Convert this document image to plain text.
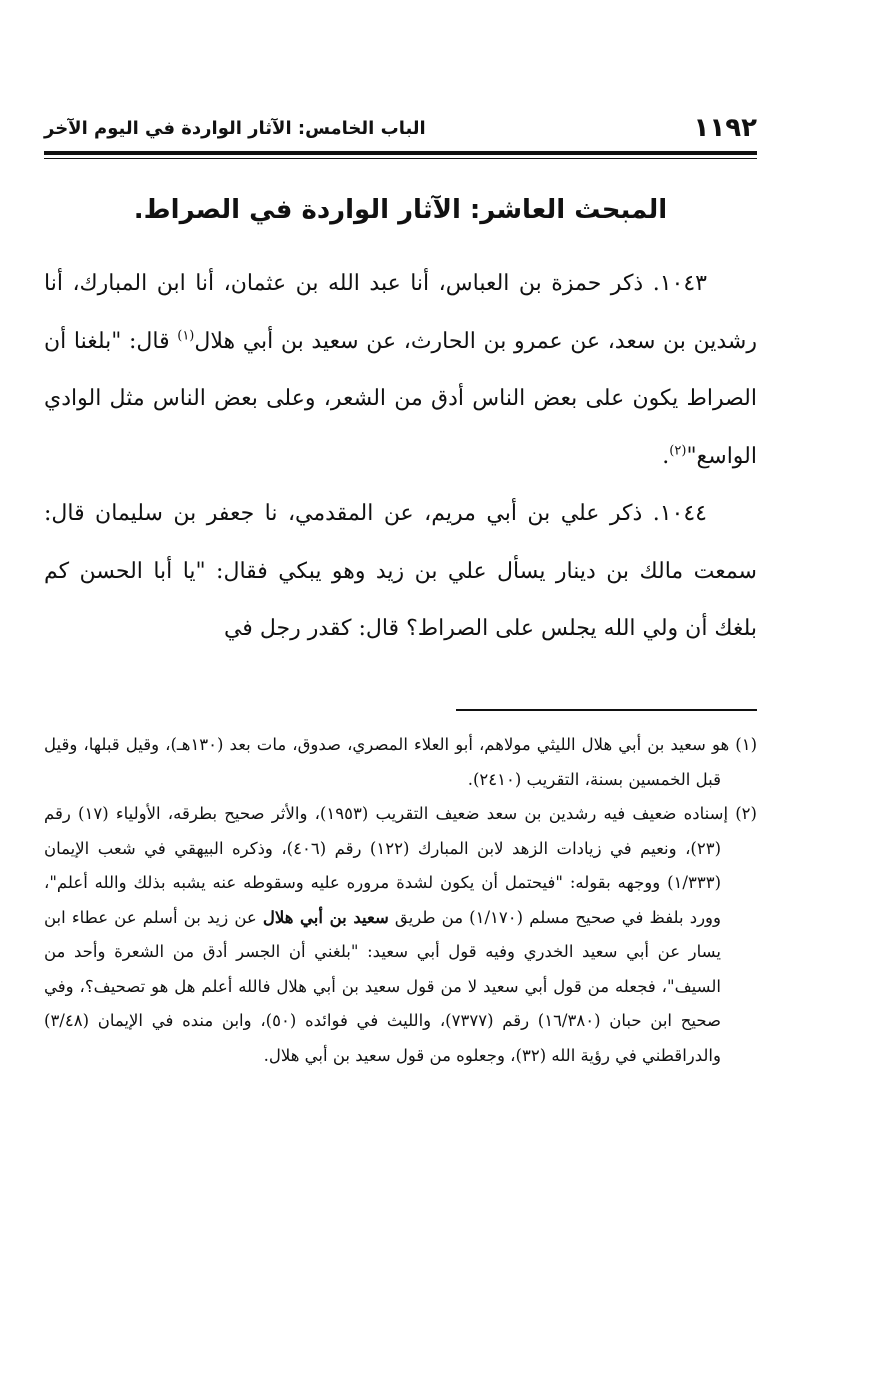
١١٩٢
الباب الخامس: الآثار الواردة في اليوم الآخر
المبحث العاشر: الآثار الواردة في الصراط.

١٠٤٣. ذكر حمزة بن العباس، أنا عبد الله بن عثمان، أنا ابن المبارك، أنا رشدين بن سعد، عن عمرو بن الحارث، عن سعيد بن أبي هلال$^{(١)}$ قال: "بلغنا أن الصراط يكون على بعض الناس أدق من الشعر، وعلى بعض الناس مثل الوادي الواسع"$^{(٢)}$.

١٠٤٤. ذكر علي بن أبي مريم، عن المقدمي، نا جعفر بن سليمان قال: سمعت مالك بن دينار يسأل علي بن زيد وهو يبكي فقال: "يا أبا الحسن كم بلغك أن ولي الله يجلس على الصراط؟ قال: كقدر رجل في

(١) هو سعيد بن أبي هلال الليثي مولاهم، أبو العلاء المصري، صدوق، مات بعد (١٣٠هـ)، وقيل قبلها، وقيل قبل الخمسين بسنة، التقريب (٢٤١٠).

(٢) إسناده ضعيف فيه رشدين بن سعد ضعيف التقريب (١٩٥٣)، والأثر صحيح بطرقه، الأولياء (١٧) رقم (٢٣)، ونعيم في زيادات الزهد لابن المبارك (١٢٢) رقم (٤٠٦)، وذكره البيهقي في شعب الإيمان (١/٣٣٣) ووجهه بقوله: "فيحتمل أن يكون لشدة مروره عليه وسقوطه عنه يشبه بذلك والله أعلم"، وورد بلفظ في صحيح مسلم (١/١٧٠) من طريق سعيد بن أبي هلال عن زيد بن أسلم عن عطاء ابن يسار عن أبي سعيد الخدري وفيه قول أبي سعيد: "بلغني أن الجسر أدق من الشعرة وأحد من السيف"، فجعله من قول أبي سعيد لا من قول سعيد بن أبي هلال فالله أعلم هل هو تصحيف؟، وفي صحيح ابن حبان (١٦/٣٨٠) رقم (٧٣٧٧)، والليث في فوائده (٥٠)، وابن منده في الإيمان (٣/٤٨) والدراقطني في رؤية الله (٣٢)، وجعلوه من قول سعيد بن أبي هلال.
